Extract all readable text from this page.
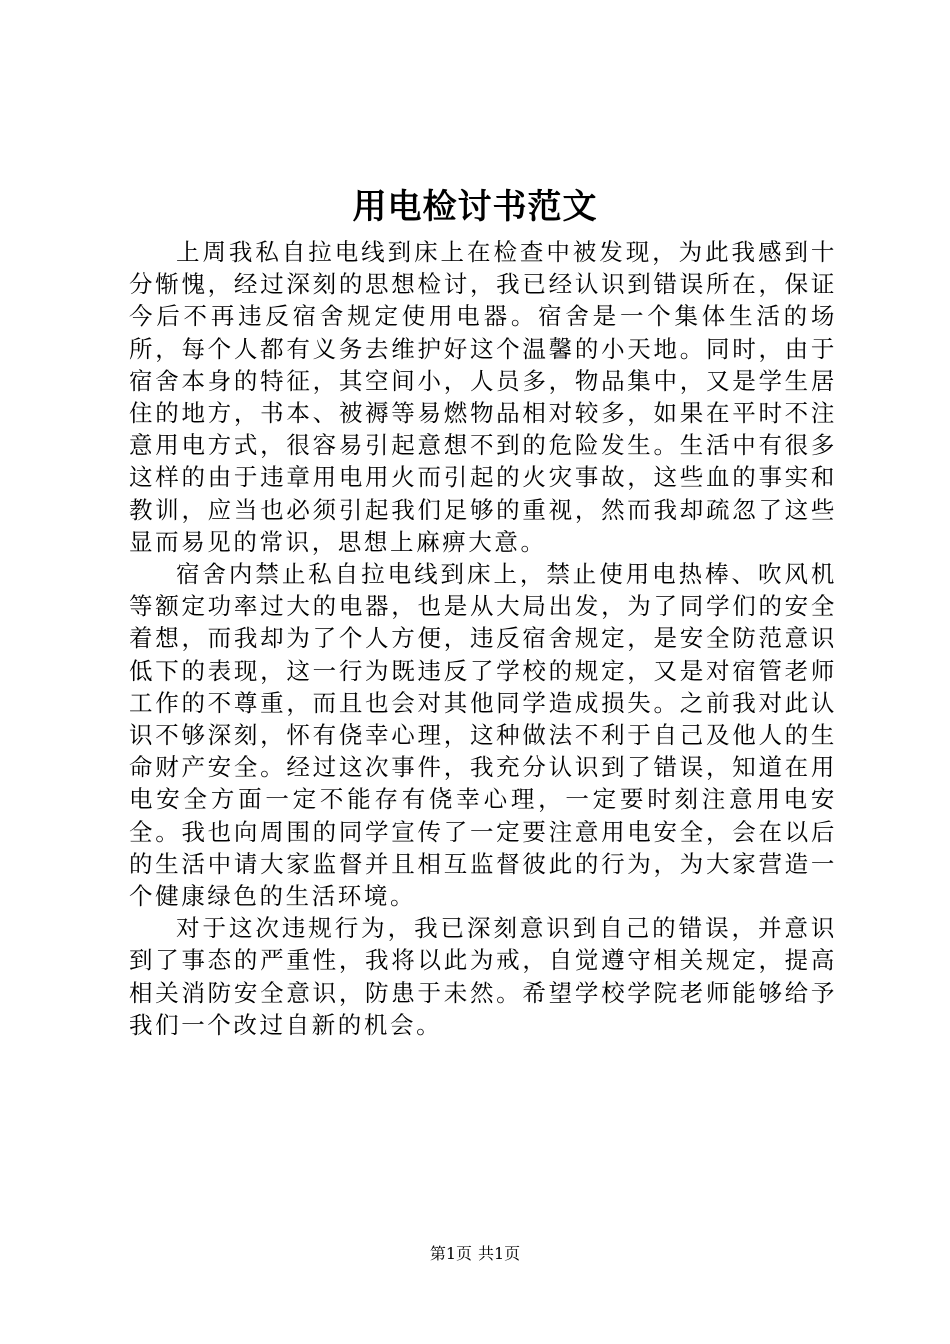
用电检讨书范文

上周我私自拉电线到床上在检查中被发现，为此我感到十分惭愧，经过深刻的思想检讨，我已经认识到错误所在，保证今后不再违反宿舍规定使用电器。宿舍是一个集体生活的场所，每个人都有义务去维护好这个温馨的小天地。同时，由于宿舍本身的特征，其空间小，人员多，物品集中，又是学生居住的地方，书本、被褥等易燃物品相对较多，如果在平时不注意用电方式，很容易引起意想不到的危险发生。生活中有很多这样的由于违章用电用火而引起的火灾事故，这些血的事实和教训，应当也必须引起我们足够的重视，然而我却疏忽了这些显而易见的常识，思想上麻痹大意。

宿舍内禁止私自拉电线到床上，禁止使用电热棒、吹风机等额定功率过大的电器，也是从大局出发，为了同学们的安全着想，而我却为了个人方便，违反宿舍规定，是安全防范意识低下的表现，这一行为既违反了学校的规定，又是对宿管老师工作的不尊重，而且也会对其他同学造成损失。之前我对此认识不够深刻，怀有侥幸心理，这种做法不利于自己及他人的生命财产安全。经过这次事件，我充分认识到了错误，知道在用电安全方面一定不能存有侥幸心理，一定要时刻注意用电安全。我也向周围的同学宣传了一定要注意用电安全，会在以后的生活中请大家监督并且相互监督彼此的行为，为大家营造一个健康绿色的生活环境。

对于这次违规行为，我已深刻意识到自己的错误，并意识到了事态的严重性，我将以此为戒，自觉遵守相关规定，提高相关消防安全意识，防患于未然。希望学校学院老师能够给予我们一个改过自新的机会。

第1页 共1页
